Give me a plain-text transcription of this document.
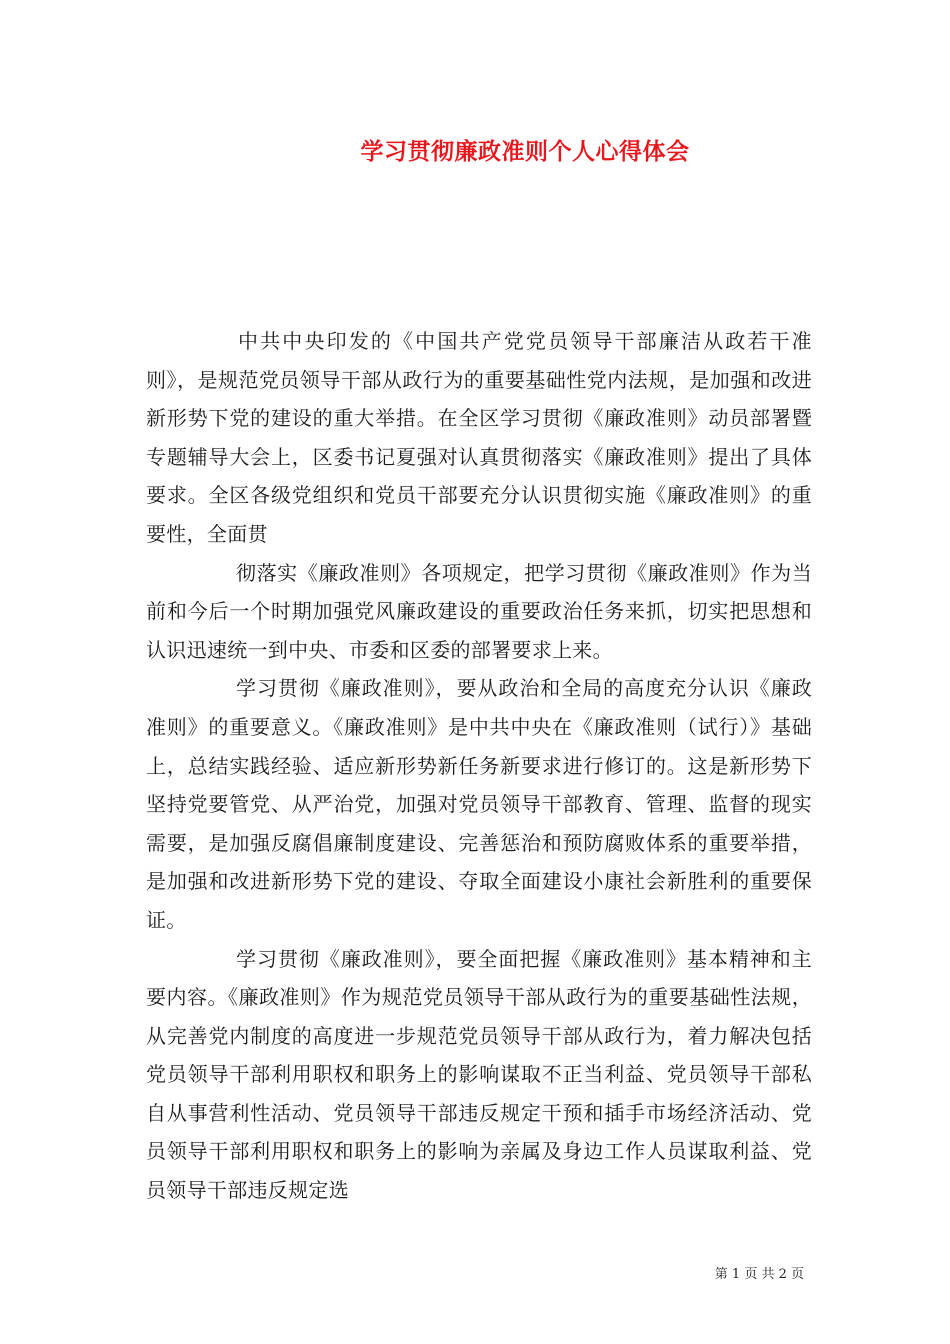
学习贯彻廉政准则个人心得体会

中共中央印发的《中国共产党党员领导干部廉洁从政若干准则》，是规范党员领导干部从政行为的重要基础性党内法规，是加强和改进新形势下党的建设的重大举措。在全区学习贯彻《廉政准则》动员部署暨专题辅导大会上，区委书记夏强对认真贯彻落实《廉政准则》提出了具体要求。全区各级党组织和党员干部要充分认识贯彻实施《廉政准则》的重要性，全面贯

彻落实《廉政准则》各项规定，把学习贯彻《廉政准则》作为当前和今后一个时期加强党风廉政建设的重要政治任务来抓，切实把思想和认识迅速统一到中央、市委和区委的部署要求上来。

学习贯彻《廉政准则》，要从政治和全局的高度充分认识《廉政准则》的重要意义。《廉政准则》是中共中央在《廉政准则（试行）》基础上，总结实践经验、适应新形势新任务新要求进行修订的。这是新形势下坚持党要管党、从严治党，加强对党员领导干部教育、管理、监督的现实需要，是加强反腐倡廉制度建设、完善惩治和预防腐败体系的重要举措，是加强和改进新形势下党的建设、夺取全面建设小康社会新胜利的重要保证。

学习贯彻《廉政准则》，要全面把握《廉政准则》基本精神和主要内容。《廉政准则》作为规范党员领导干部从政行为的重要基础性法规，从完善党内制度的高度进一步规范党员领导干部从政行为，着力解决包括党员领导干部利用职权和职务上的影响谋取不正当利益、党员领导干部私自从事营利性活动、党员领导干部违反规定干预和插手市场经济活动、党员领导干部利用职权和职务上的影响为亲属及身边工作人员谋取利益、党员领导干部违反规定选

第 1 页 共 2 页
